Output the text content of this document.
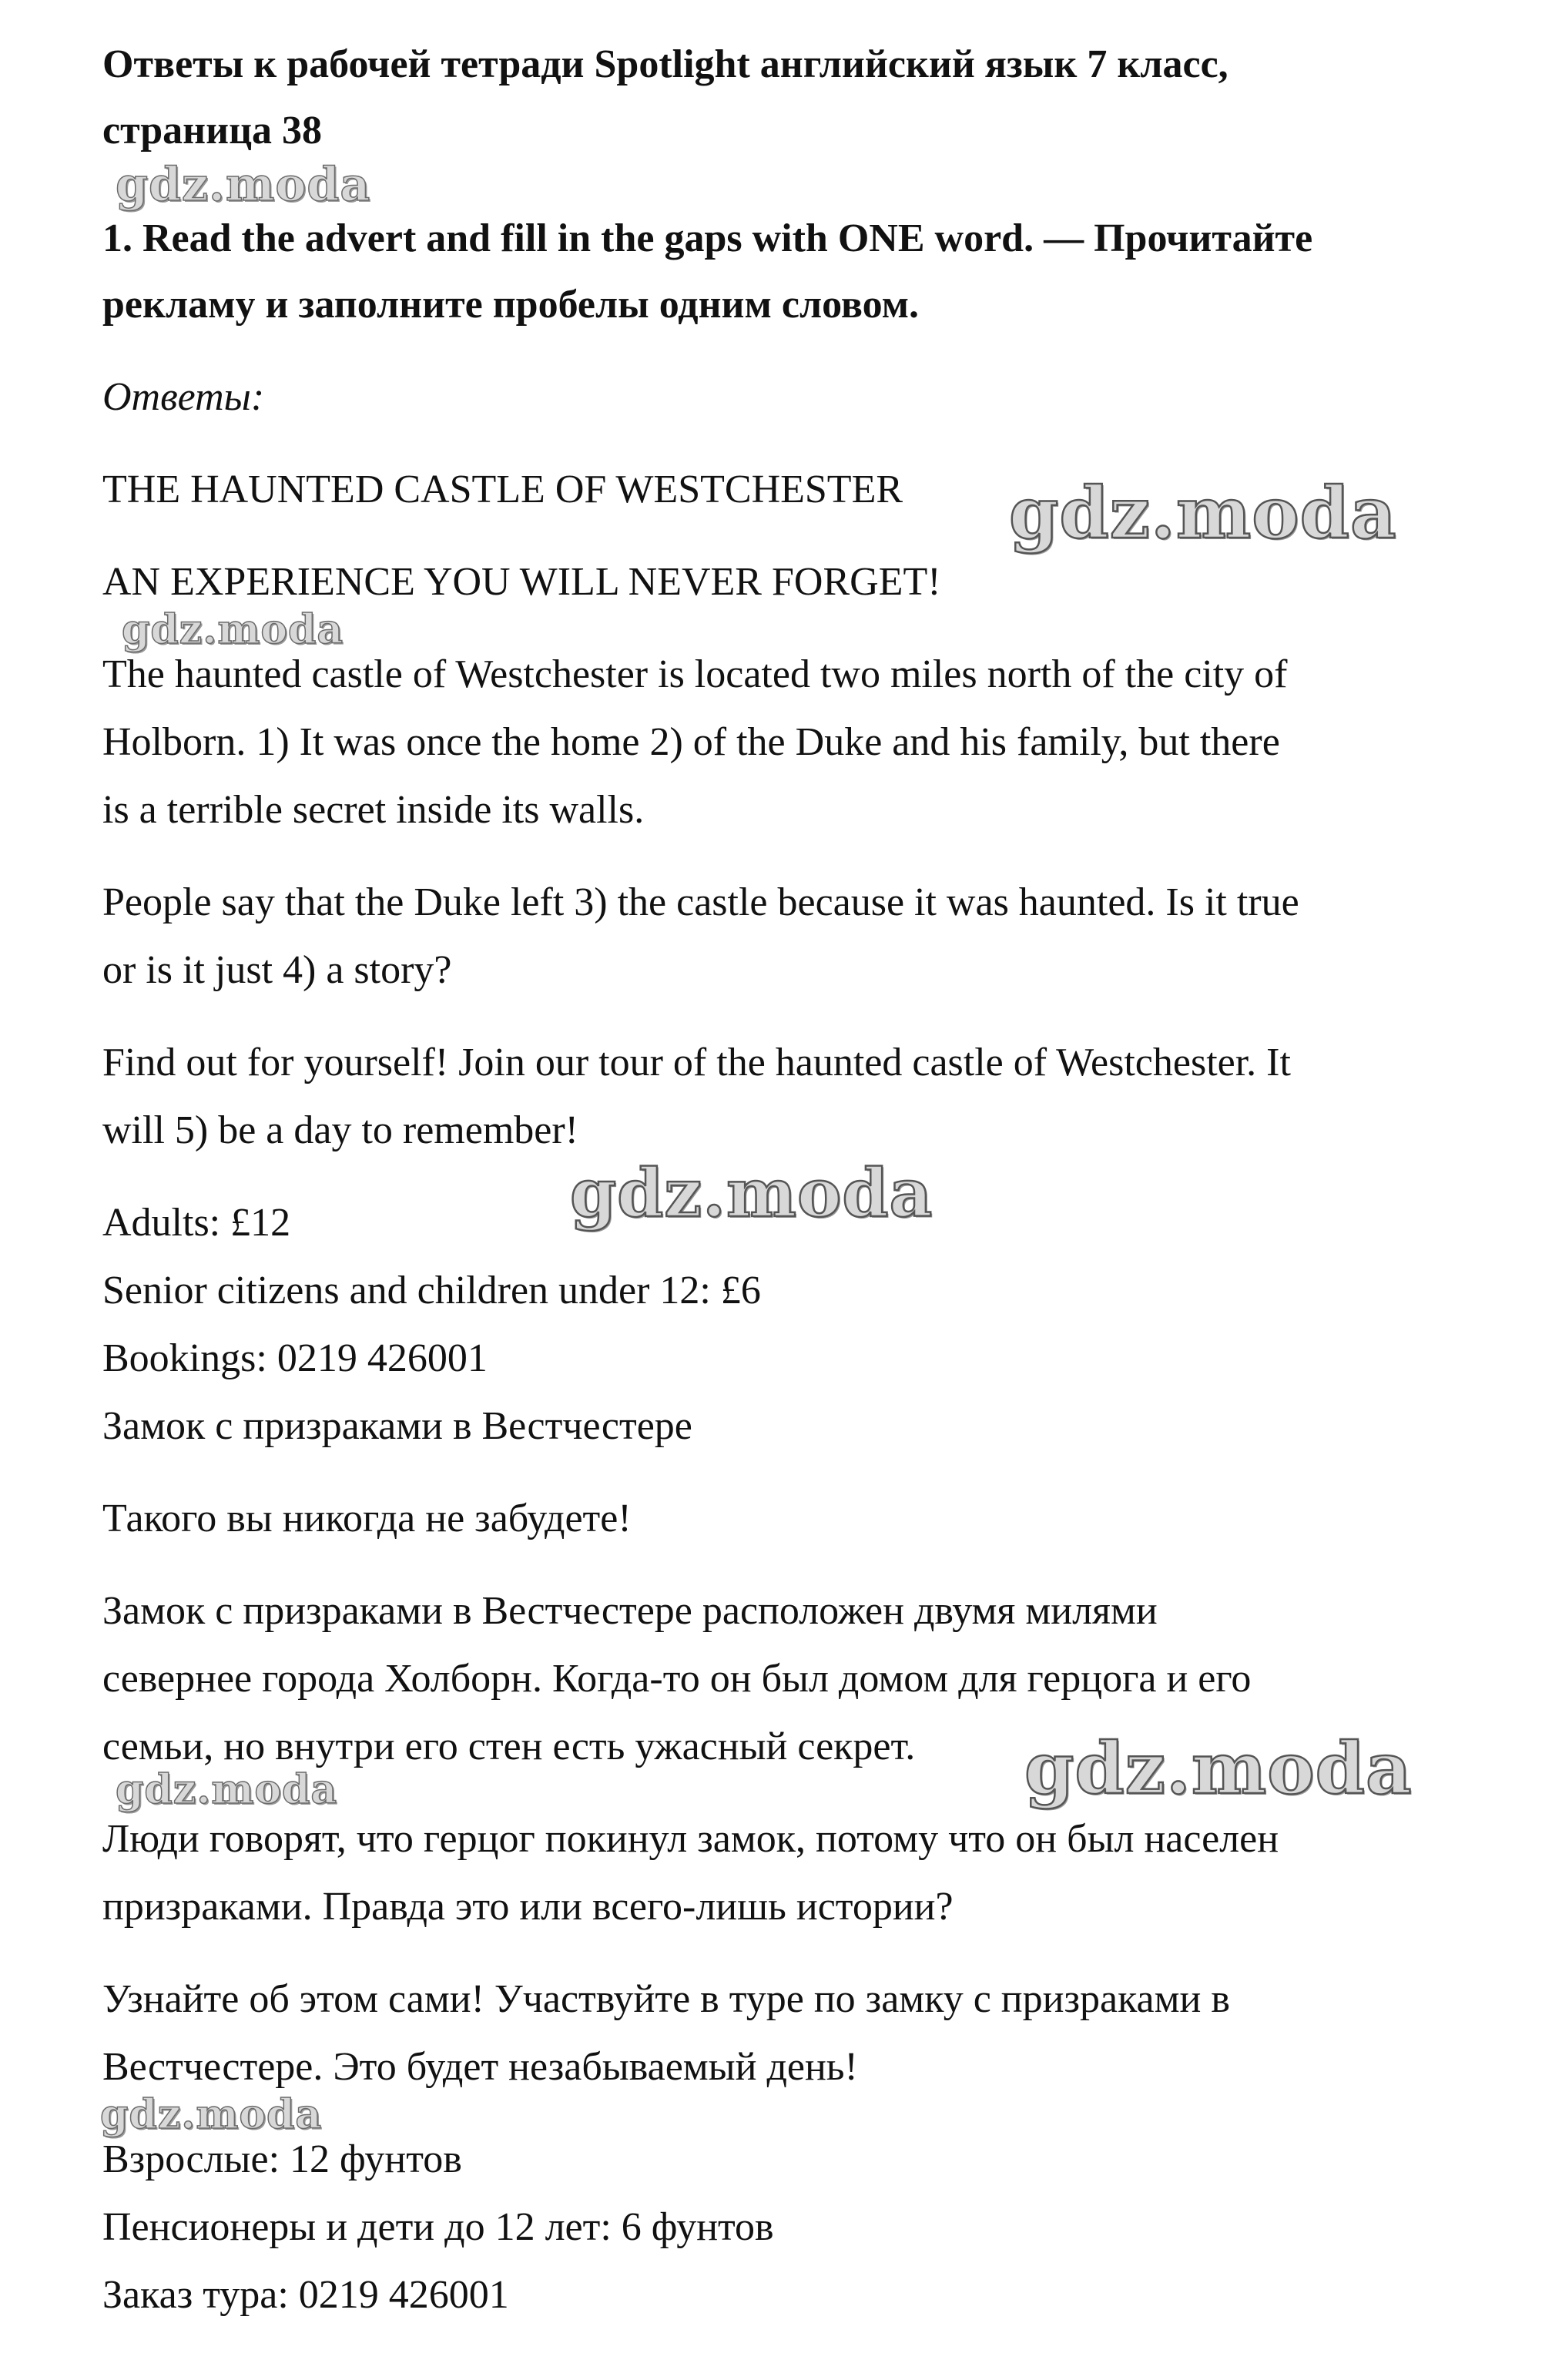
Ответы к рабочей тетради Spotlight английский язык 7 класс,
страница 38
1. Read the advert and fill in the gaps with ONE word. — Прочитайте
рекламу и заполните пробелы одним словом.
Ответы:
THE HAUNTED CASTLE OF WESTCHESTER
AN EXPERIENCE YOU WILL NEVER FORGET!
The haunted castle of Westchester is located two miles north of the city of
Holborn. 1) It was once the home 2) of the Duke and his family, but there
is a terrible secret inside its walls.
People say that the Duke left 3) the castle because it was haunted. Is it true
or is it just 4) a story?
Find out for yourself! Join our tour of the haunted castle of Westchester. It
will 5) be a day to remember!
Adults: £12
Senior citizens and children under 12: £6
Bookings: 0219 426001
Замок с призраками в Вестчестере
Такого вы никогда не забудете!
Замок с призраками в Вестчестере расположен двумя милями
севернее города Холборн. Когда-то он был домом для герцога и его
семьи, но внутри его стен есть ужасный секрет.
Люди говорят, что герцог покинул замок, потому что он был населен
призраками. Правда это или всего-лишь истории?
Узнайте об этом сами! Участвуйте в туре по замку с призраками в
Вестчестере. Это будет незабываемый день!
Взрослые: 12 фунтов
Пенсионеры и дети до 12 лет: 6 фунтов
Заказ тура: 0219 426001
gdz.moda
gdz.moda
gdz.moda
gdz.moda
gdz.moda
gdz.moda
gdz.moda
